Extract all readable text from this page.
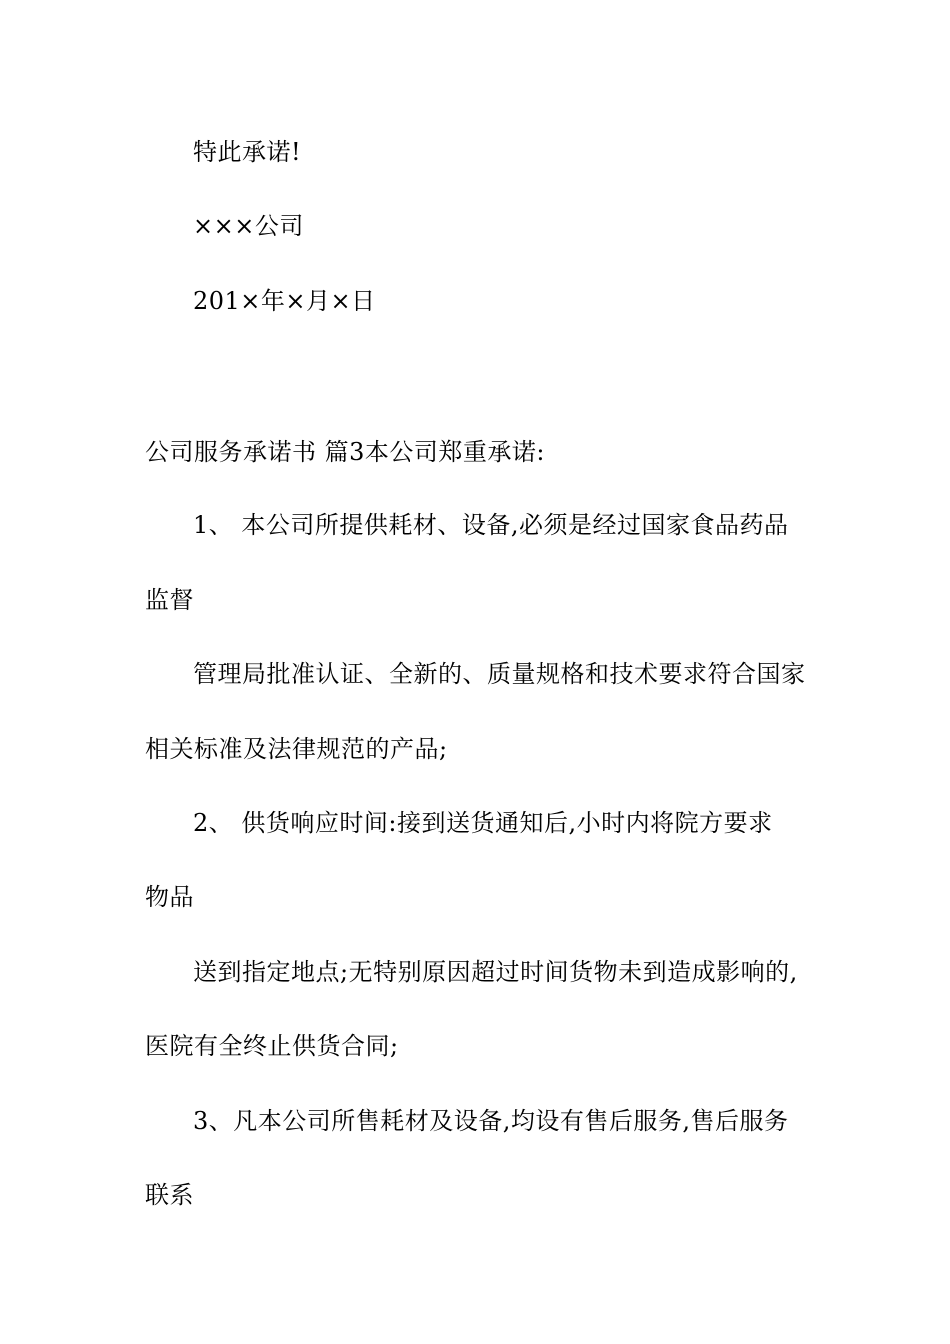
特此承诺!
×××公司
201×年×月×日
公司服务承诺书 篇3本公司郑重承诺:
1、 本公司所提供耗材、设备,必须是经过国家食品药品
监督
管理局批准认证、全新的、质量规格和技术要求符合国家
相关标准及法律规范的产品;
2、 供货响应时间:接到送货通知后,小时内将院方要求
物品
送到指定地点;无特别原因超过时间货物未到造成影响的,
医院有全终止供货合同;
3、凡本公司所售耗材及设备,均设有售后服务,售后服务
联系
